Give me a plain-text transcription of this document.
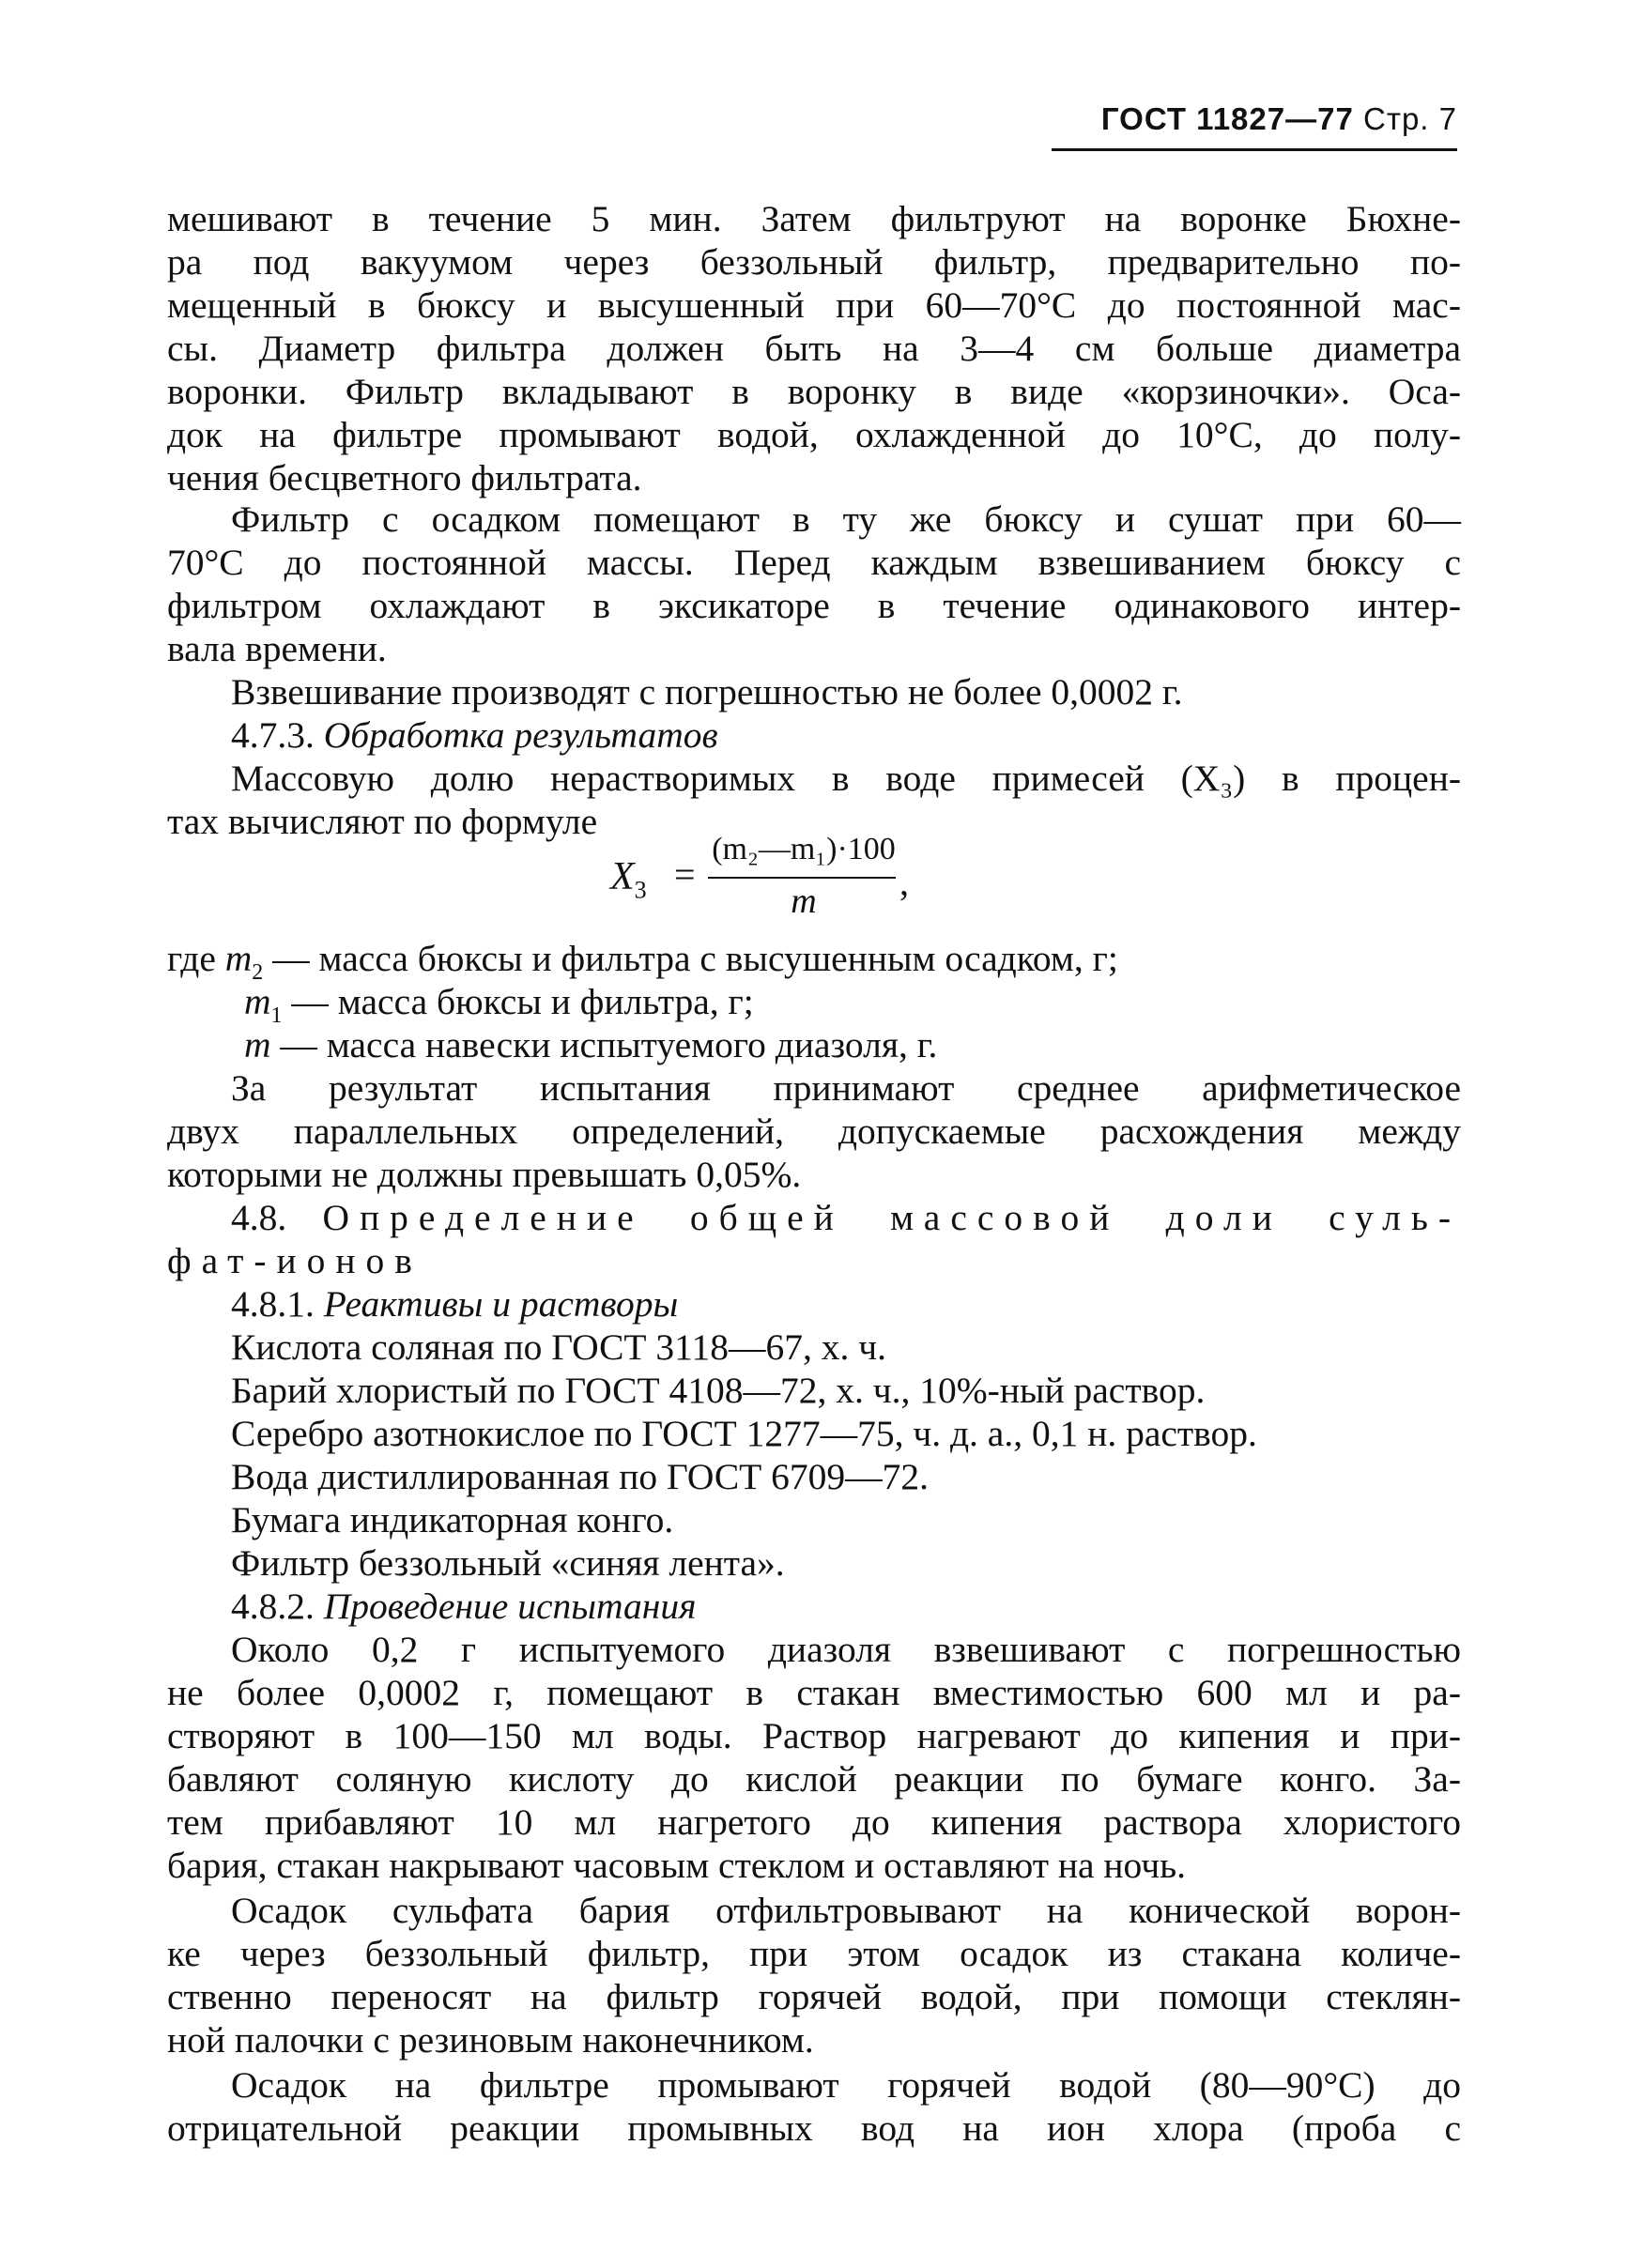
ГОСТ 11827—77 Стр. 7
мешивают в течение 5 мин. Затем фильтруют на воронке Бюхне-
ра под вакуумом через беззольный фильтр, предварительно по-
мещенный в бюксу и высушенный при 60—70°С до постоянной мас-
сы. Диаметр фильтра должен быть на 3—4 см больше диаметра
воронки. Фильтр вкладывают в воронку в виде «корзиночки». Оса-
док на фильтре промывают водой, охлажденной до 10°С, до полу-
чения бесцветного фильтрата.
Фильтр с осадком помещают в ту же бюксу и сушат при 60—
70°С до постоянной массы. Перед каждым взвешиванием бюксу с
фильтром охлаждают в эксикаторе в течение одинакового интер-
вала времени.
Взвешивание производят с погрешностью не более 0,0002 г.
4.7.3. Обработка результатов
Массовую долю нерастворимых в воде примесей (X₃) в процен-
тах вычисляют по формуле
$X_3$ =
(m₂—m₁)·100
m	,
где $m_2$ — масса бюксы и фильтра с высушенным осадком, г;
$m_1$ — масса бюксы и фильтра, г;
m — масса навески испытуемого диазоля, г.
За результат испытания принимают среднее арифметическое
двух параллельных определений, допускаемые расхождения между
которыми не должны превышать 0,05%.
4.8. Определение общей массовой доли суль-
фат-ионов
4.8.1. Реактивы и растворы
Кислота соляная по ГОСТ 3118—67, х. ч.
Барий хлористый по ГОСТ 4108—72, х. ч., 10%-ный раствор.
Серебро азотнокислое по ГОСТ 1277—75, ч. д. а., 0,1 н. раствор.
Вода дистиллированная по ГОСТ 6709—72.
Бумага индикаторная конго.
Фильтр беззольный «синяя лента».
4.8.2. Проведение испытания
Около 0,2 г испытуемого диазоля взвешивают с погрешностью
не более 0,0002 г, помещают в стакан вместимостью 600 мл и ра-
створяют в 100—150 мл воды. Раствор нагревают до кипения и при-
бавляют соляную кислоту до кислой реакции по бумаге конго. За-
тем прибавляют 10 мл нагретого до кипения раствора хлористого
бария, стакан накрывают часовым стеклом и оставляют на ночь.
Осадок сульфата бария отфильтровывают на конической ворон-
ке через беззольный фильтр, при этом осадок из стакана количе-
ственно переносят на фильтр горячей водой, при помощи стеклян-
ной палочки с резиновым наконечником.
Осадок на фильтре промывают горячей водой (80—90°С) до
отрицательной реакции промывных вод на ион хлора (проба с
